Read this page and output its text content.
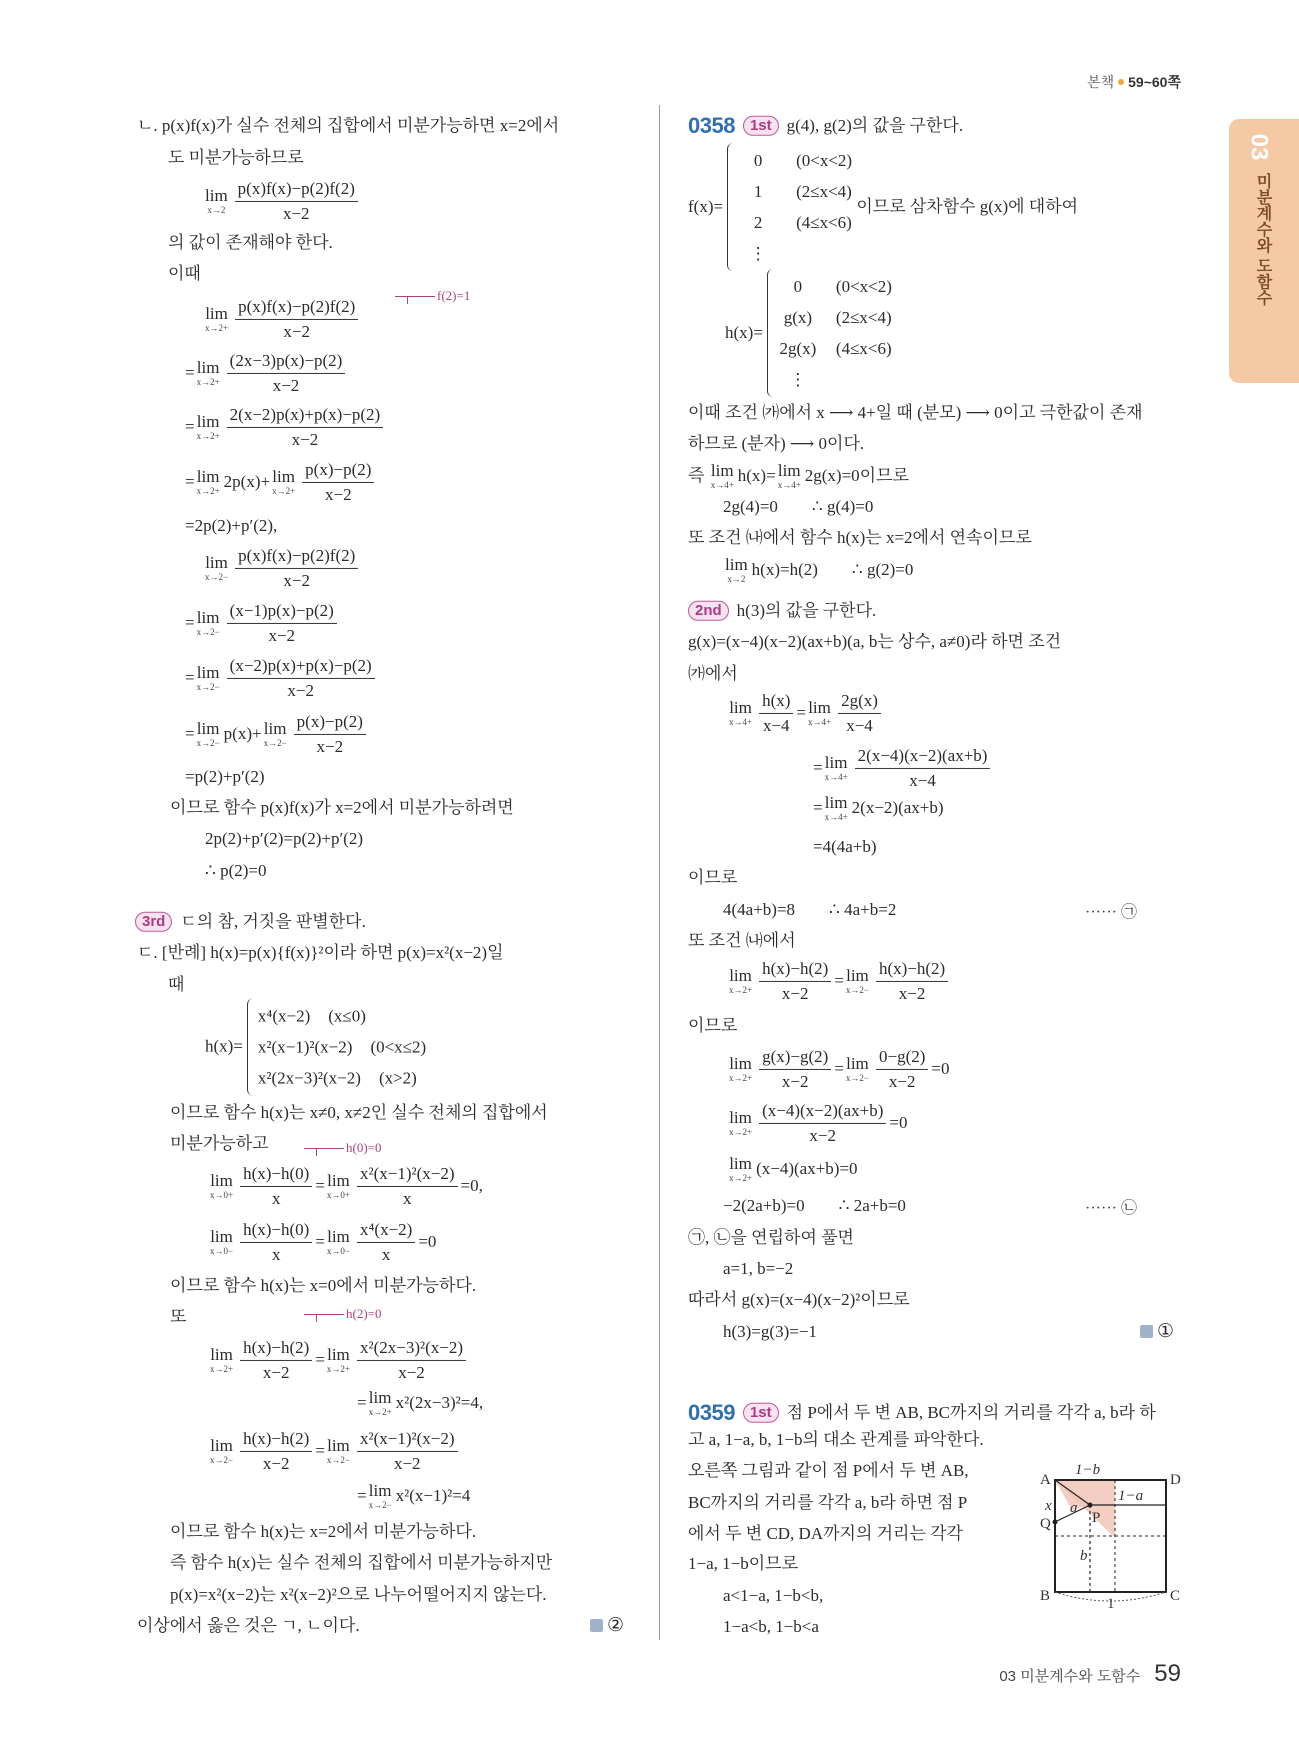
본책 59~60쪽
03
미분계수와 도함수
ㄴ. p(x)f(x)가 실수 전체의 집합에서 미분가능하면 x=2에서
도 미분가능하므로
lim
$x\to 2 \frac{p(x)f(x)-p(2)f(2)}{x-2}$
의 값이 존재해야 한다.
이때
lim
$x\to 2+ \frac{p(x)f(x)-p(2)f(2)}{x-2}$
= lim
$x\to 2+ \frac{(2x-3)p(x)-p(2)}{x-2}$
= lim
$x\to 2+ \frac{2(x-2)p(x)+p(x)-p(2)}{x-2}$
= lim
x→2+
2p(x)+ lim
$x\to 2+ \frac{p(x)-p(2)}{x-2}$
=2p(2)+p′(2),
lim
$x\to 2- \frac{p(x)f(x)-p(2)f(2)}{x-2}$
= lim
$x\to 2- \frac{(x-1)p(x)-p(2)}{x-2}$
= lim
$x\to 2- \frac{(x-2)p(x)+p(x)-p(2)}{x-2}$
= lim
x→2−
p(x)+ lim
$x\to 2- \frac{p(x)-p(2)}{x-2}$
=p(2)+p′(2)
이므로 함수 p(x)f(x)가 x=2에서 미분가능하려면
2p(2)+p′(2)=p(2)+p′(2)
∴ p(2)=0
3rd ㄷ의 참, 거짓을 판별한다.
ㄷ. [반례] h(x)=p(x){f(x)}²이라 하면 p(x)=x²(x−2)일
때
h(x)=
x⁴(x−2) (x≤0)
x²(x−1)²(x−2) (0<x≤2)
x²(2x−3)²(x−2) (x>2)
이므로 함수 h(x)는 x≠0, x≠2인 실수 전체의 집합에서
미분가능하고
lim
$x\to 0+ \frac{h(x)-h(0)}{x} = \lim$
$x\to 0+ \frac{\text{x²(x−1)²(x−2)}}{x} =0$,
lim
$x\to 0- \frac{h(x)-h(0)}{x} = \lim$
$x\to 0- \frac{\text{x⁴(x−2)}}{x} =0$
이므로 함수 h(x)는 x=0에서 미분가능하다.
또
lim
$x\to 2+ \frac{h(x)-h(2)}{x-2} = \lim$
$x\to 2+ \frac{\text{x²(2x−3)²(x−2)}}{x-2}$
= lim
x→2+
x²(2x−3)²=4,
lim
$x\to 2- \frac{h(x)-h(2)}{x-2} = \lim$
$x\to 2- \frac{\text{x²(x−1)²(x−2)}}{x-2}$
= lim
x→2−
x²(x−1)²=4
이므로 함수 h(x)는 x=2에서 미분가능하다.
즉 함수 h(x)는 실수 전체의 집합에서 미분가능하지만
p(x)=x²(x−2)는 x²(x−2)²으로 나누어떨어지지 않는다.
이상에서 옳은 것은 ㄱ, ㄴ이다.
0358	1st g(4), g(2)의 값을 구한다.
f(x)=
0	(0<x<2)
1	(2≤x<4)
2	(4≤x<6)
⋮
이므로 삼차함수 g(x)에 대하여
h(x)=
0	(0<x<2)
g(x)	(2≤x<4)
2g(x) (4≤x<6)
⋮
이때 조건 ㈎에서 x ⟶ 4+일 때 (분모) ⟶ 0이고 극한값이 존재
하므로 (분자) ⟶ 0이다.
즉 lim
x→4+
h(x)= lim
x→4+
2g(x)=0이므로
2g(4)=0        ∴ g(4)=0
또 조건 ㈏에서 함수 h(x)는 x=2에서 연속이므로
lim
x→2
h(x)=h(2)        ∴ g(2)=0
2nd h(3)의 값을 구한다.
g(x)=(x−4)(x−2)(ax+b)(a, b는 상수, a≠0)라 하면 조건
㈎에서
lim
$x\to 4+ \frac{h(x)}{x-4} = \lim$
$x\to 4+ \frac{2g(x)}{x-4}$
= lim
$x\to 4+ \frac{2(x-4)(x-2)(ax+b)}{x-4}$
= lim
x→4+
2(x−2)(ax+b)
=4(4a+b)
이므로
4(4a+b)=8        ∴ 4a+b=2
또 조건 ㈏에서
lim
$x\to 2+ \frac{h(x)-h(2)}{x-2} = \lim$
$x\to 2- \frac{h(x)-h(2)}{x-2}$
이므로
lim
$x\to 2+ \frac{g(x)-g(2)}{x-2} = \lim$
$x\to 2- \frac{0-g(2)}{x-2} =0$
lim
$x\to 2+ \frac{(x-4)(x-2)(ax+b)}{x-2} =0$
lim
x→2+
(x−4)(ax+b)=0
−2(2a+b)=0        ∴ 2a+b=0
㉠, ㉡을 연립하여 풀면
a=1, b=−2
따라서 g(x)=(x−4)(x−2)²이므로
h(3)=g(3)=−1
0359	1st 점 P에서 두 변 AB, BC까지의 거리를 각각 a, b라 하
고 a, 1−a, b, 1−b의 대소 관계를 파악한다.
오른쪽 그림과 같이 점 P에서 두 변 AB,
BC까지의 거리를 각각 a, b라 하면 점 P
에서 두 변 CD, DA까지의 거리는 각각
1−a, 1−b이므로
a<1−a, 1−b<b,
1−a<b, 1−b<a
A
B	C
D
P
Q
1−b
1−a
a
b
x
1
03 미분계수와 도함수 59
f(2)=1
h(0)=0
h(2)=0
······ ㉠
······ ㉡
②
①
